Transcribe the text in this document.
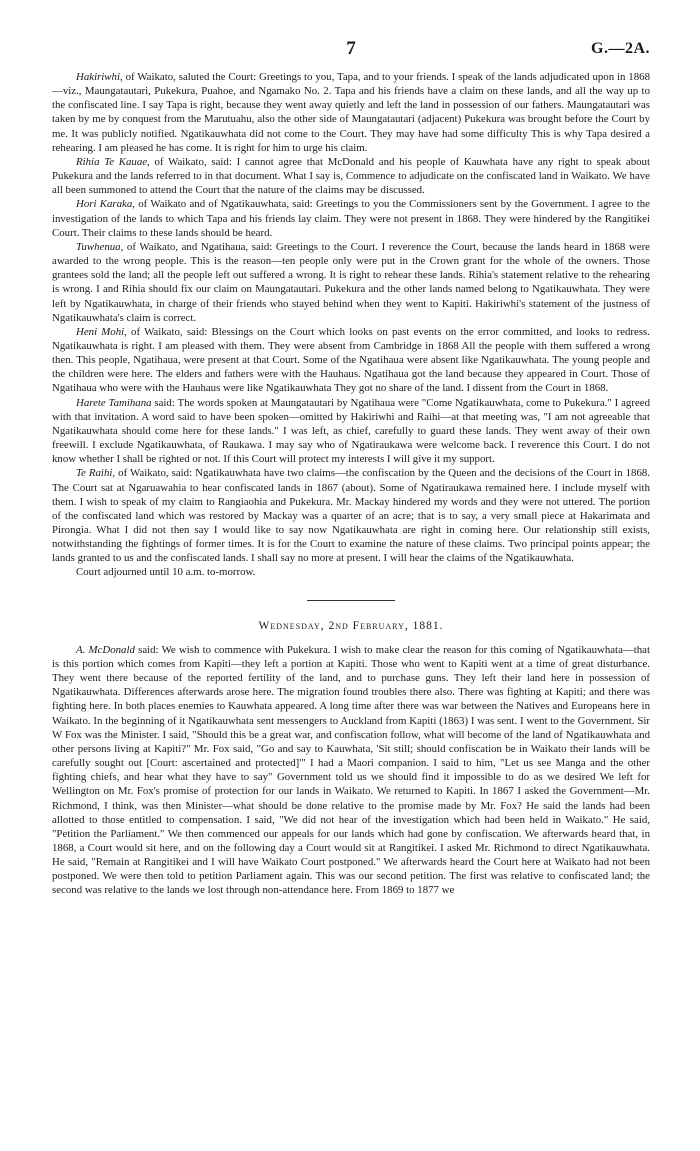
7	G.—2A.

Hakiriwhi, of Waikato, saluted the Court: Greetings to you, Tapa, and to your friends. I speak of the lands adjudicated upon in 1868—viz., Maungatautari, Pukekura, Puahoe, and Ngamako No. 2. Tapa and his friends have a claim on these lands, and all the way up to the confiscated line. I say Tapa is right, because they went away quietly and left the land in possession of our fathers. Maungatautari was taken by me by conquest from the Marutuahu, also the other side of Maungatautari (adjacent) Pukekura was brought before the Court by me. It was publicly notified. Ngatikauwhata did not come to the Court. They may have had some difficulty This is why Tapa desired a rehearing. I am pleased he has come. It is right for him to urge his claim.

Rihia Te Kauae, of Waikato, said: I cannot agree that McDonald and his people of Kauwhata have any right to speak about Pukekura and the lands referred to in that document. What I say is, Commence to adjudicate on the confiscated land in Waikato. We have all been summoned to attend the Court that the nature of the claims may be discussed.

Hori Karaka, of Waikato and of Ngatikauwhata, said: Greetings to you the Commissioners sent by the Government. I agree to the investigation of the lands to which Tapa and his friends lay claim. They were not present in 1868. They were hindered by the Rangitikei Court. Their claims to these lands should be heard.

Tuwhenua, of Waikato, and Ngatihaua, said: Greetings to the Court. I reverence the Court, because the lands heard in 1868 were awarded to the wrong people. This is the reason—ten people only were put in the Crown grant for the whole of the owners. Those grantees sold the land; all the people left out suffered a wrong. It is right to rehear these lands. Rihia's statement relative to the rehearing is wrong. I and Rihia should fix our claim on Maungatautari. Pukekura and the other lands named belong to Ngatikauwhata. They were left by Ngatikauwhata, in charge of their friends who stayed behind when they went to Kapiti. Hakiriwhi's statement of the justness of Ngatikauwhata's claim is correct.

Heni Mohi, of Waikato, said: Blessings on the Court which looks on past events on the error committed, and looks to redress. Ngatikauwhata is right. I am pleased with them. They were absent from Cambridge in 1868 All the people with them suffered a wrong then. This people, Ngatihaua, were present at that Court. Some of the Ngatihaua were absent like Ngatikauwhata. The young people and the children were here. The elders and fathers were with the Hauhaus. Ngatihaua got the land because they appeared in Court. Those of Ngatihaua who were with the Hauhaus were like Ngatikauwhata They got no share of the land. I dissent from the Court in 1868.

Harete Tamihana said: The words spoken at Maungatautari by Ngatihaua were "Come Ngatikauwhata, come to Pukekura." I agreed with that invitation. A word said to have been spoken—omitted by Hakiriwhi and Raihi—at that meeting was, "I am not agreeable that Ngatikauwhata should come here for these lands." I was left, as chief, carefully to guard these lands. They went away of their own freewill. I exclude Ngatikauwhata, of Raukawa. I may say who of Ngatiraukawa were welcome back. I reverence this Court. I do not know whether I shall be righted or not. If this Court will protect my interests I will give it my support.

Te Raihi, of Waikato, said: Ngatikauwhata have two claims—the confiscation by the Queen and the decisions of the Court in 1868. The Court sat at Ngaruawahia to hear confiscated lands in 1867 (about). Some of Ngatiraukawa remained here. I include myself with them. I wish to speak of my claim to Rangiaohia and Pukekura. Mr. Mackay hindered my words and they were not uttered. The portion of the confiscated land which was restored by Mackay was a quarter of an acre; that is to say, a very small piece at Hakarimata and Pirongia. What I did not then say I would like to say now Ngatikauwhata are right in coming here. Our relationship still exists, notwithstanding the fightings of former times. It is for the Court to examine the nature of these claims. Two principal points appear; the lands granted to us and the confiscated lands. I shall say no more at present. I will hear the claims of the Ngatikauwhata.

Court adjourned until 10 a.m. to-morrow.

Wednesday, 2nd February, 1881.

A. McDonald said: We wish to commence with Pukekura. I wish to make clear the reason for this coming of Ngatikauwhata—that is this portion which comes from Kapiti—they left a portion at Kapiti. Those who went to Kapiti went at a time of great disturbance. They went there because of the reported fertility of the land, and to purchase guns. They left their land here in possession of Ngatikauwhata. Differences afterwards arose here. The migration found troubles there also. There was fighting at Kapiti; and there was fighting here. In both places enemies to Kauwhata appeared. A long time after there was war between the Natives and Europeans here in Waikato. In the beginning of it Ngatikauwhata sent messengers to Auckland from Kapiti (1863) I was sent. I went to the Government. Sir W Fox was the Minister. I said, "Should this be a great war, and confiscation follow, what will become of the land of Ngatikauwhata and other persons living at Kapiti?" Mr. Fox said, "Go and say to Kauwhata, 'Sit still; should confiscation be in Waikato their lands will be carefully sought out [Court: ascertained and protected]'" I had a Maori companion. I said to him, "Let us see Manga and the other fighting chiefs, and hear what they have to say" Government told us we should find it impossible to do as we desired We left for Wellington on Mr. Fox's promise of protection for our lands in Waikato. We returned to Kapiti. In 1867 I asked the Government—Mr. Richmond, I think, was then Minister—what should be done relative to the promise made by Mr. Fox? He said the lands had been allotted to those entitled to compensation. I said, "We did not hear of the investigation which had been held in Waikato." He said, "Petition the Parliament." We then commenced our appeals for our lands which had gone by confiscation. We afterwards heard that, in 1868, a Court would sit here, and on the following day a Court would sit at Rangitikei. I asked Mr. Richmond to direct Ngatikauwhata. He said, "Remain at Rangitikei and I will have Waikato Court postponed." We afterwards heard the Court here at Waikato had not been postponed. We were then told to petition Parliament again. This was our second petition. The first was relative to confiscated land; the second was relative to the lands we lost through non-attendance here. From 1869 to 1877 we
